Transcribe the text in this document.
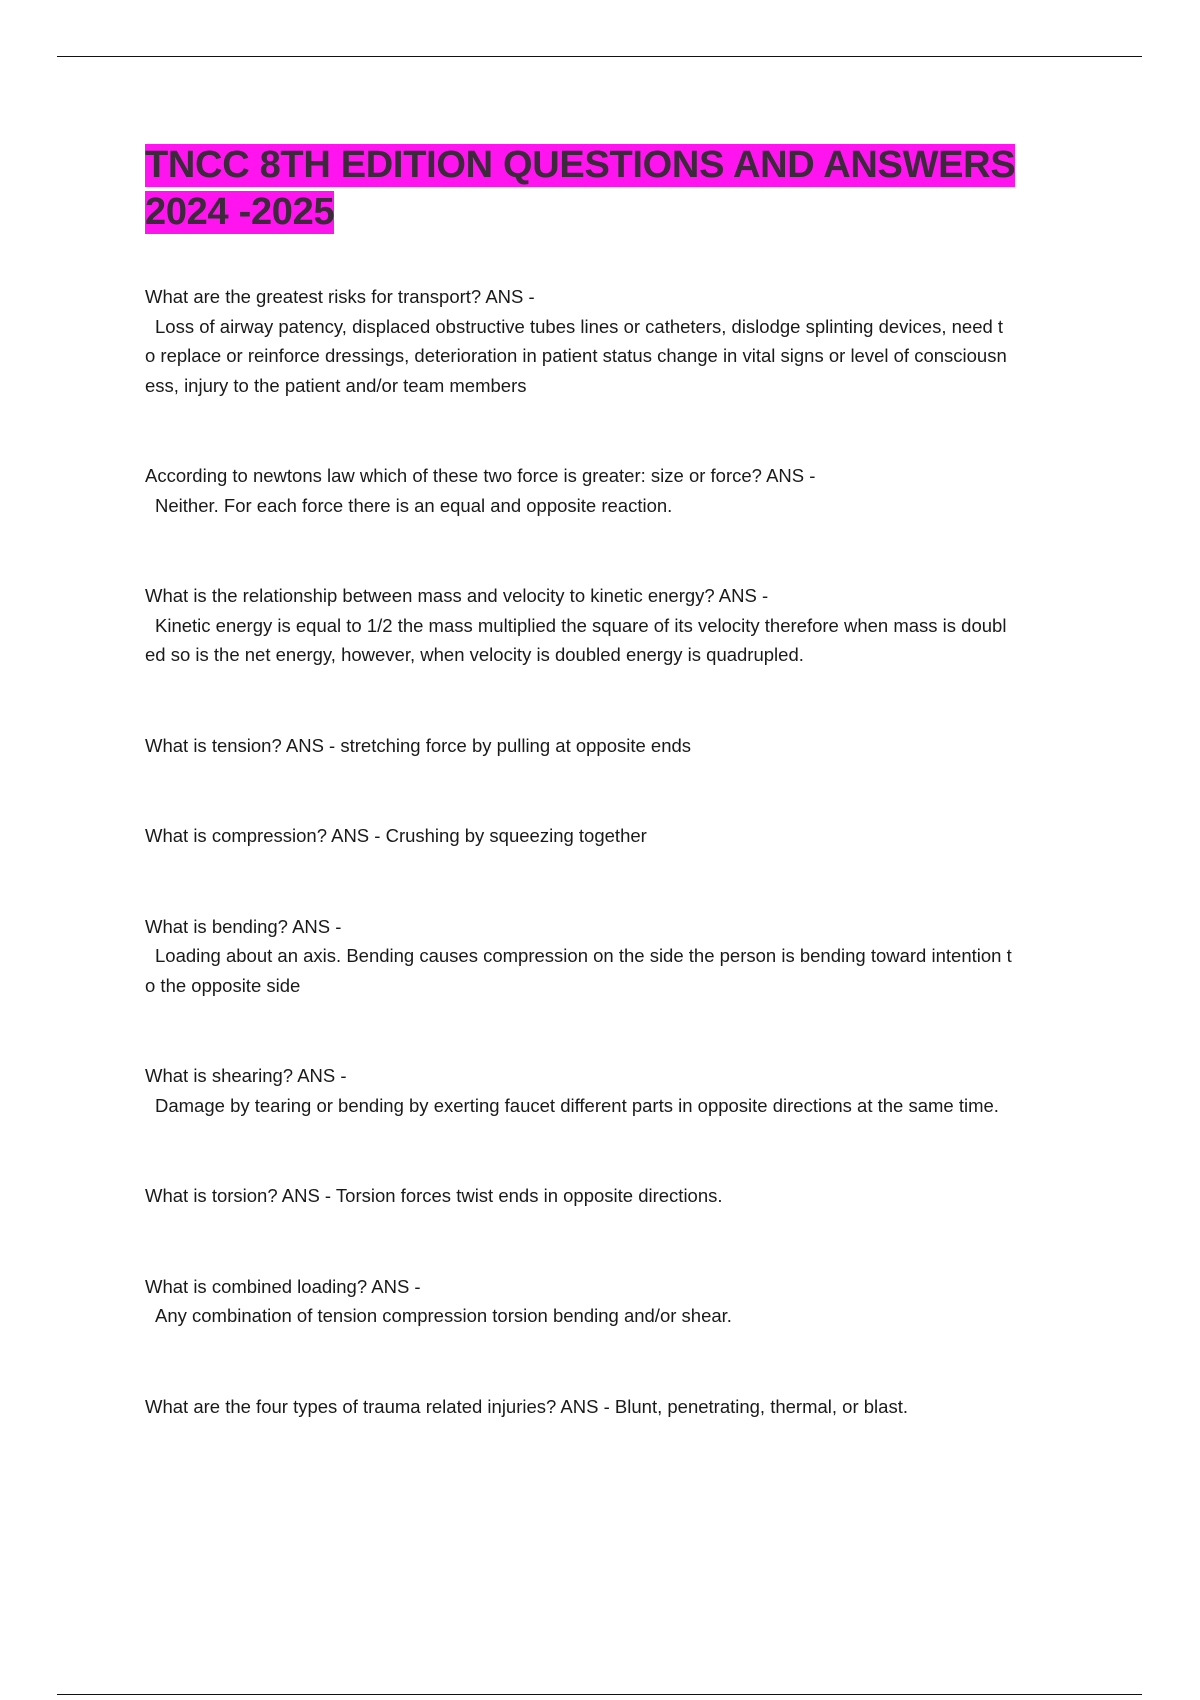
TNCC 8TH EDITION QUESTIONS AND ANSWERS
2024 -2025
What are the greatest risks for transport? ANS -
Loss of airway patency, displaced obstructive tubes lines or catheters, dislodge splinting devices, need t
o replace or reinforce dressings, deterioration in patient status change in vital signs or level of consciousn
ess, injury to the patient and/or team members
According to newtons law which of these two force is greater: size or force? ANS -
Neither. For each force there is an equal and opposite reaction.
What is the relationship between mass and velocity to kinetic energy? ANS -
Kinetic energy is equal to 1/2 the mass multiplied the square of its velocity therefore when mass is doubl
ed so is the net energy, however, when velocity is doubled energy is quadrupled.
What is tension? ANS - stretching force by pulling at opposite ends
What is compression? ANS - Crushing by squeezing together
What is bending? ANS -
Loading about an axis. Bending causes compression on the side the person is bending toward intention t
o the opposite side
What is shearing? ANS -
Damage by tearing or bending by exerting faucet different parts in opposite directions at the same time.
What is torsion? ANS - Torsion forces twist ends in opposite directions.
What is combined loading? ANS -
Any combination of tension compression torsion bending and/or shear.
What are the four types of trauma related injuries? ANS - Blunt, penetrating, thermal, or blast.
